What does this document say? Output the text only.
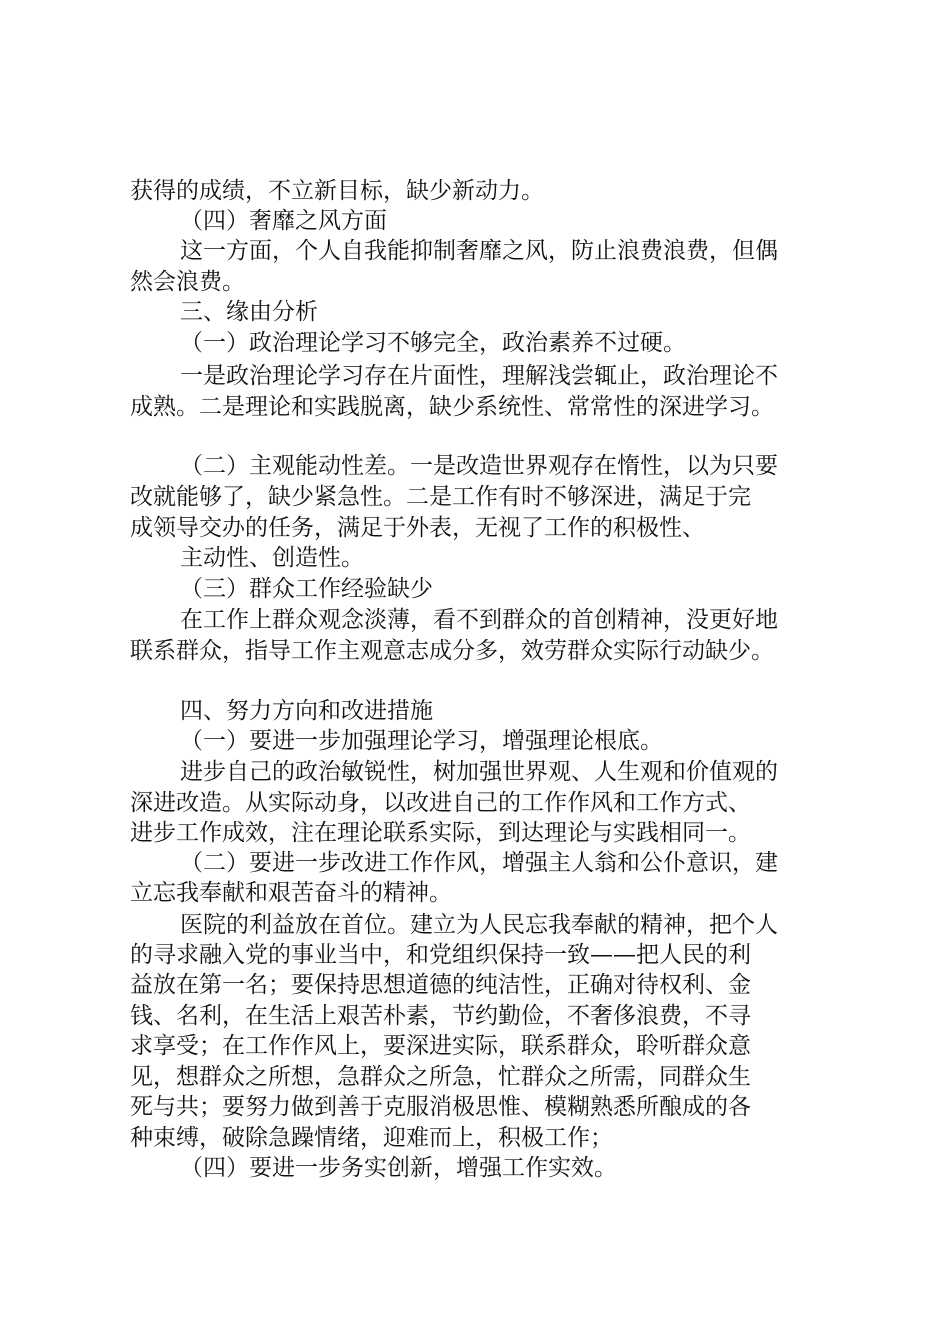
获得的成绩，不立新目标，缺少新动力。

（四）奢靡之风方面

这一方面，个人自我能抑制奢靡之风，防止浪费浪费，但偶

然会浪费。

三、缘由分析

（一）政治理论学习不够完全，政治素养不过硬。

一是政治理论学习存在片面性，理解浅尝辄止，政治理论不

成熟。二是理论和实践脱离，缺少系统性、常常性的深进学习。

（二）主观能动性差。一是改造世界观存在惰性，以为只要

改就能够了，缺少紧急性。二是工作有时不够深进，满足于完

成领导交办的任务，满足于外表，无视了工作的积极性、

主动性、创造性。

（三）群众工作经验缺少

在工作上群众观念淡薄，看不到群众的首创精神，没更好地

联系群众，指导工作主观意志成分多，效劳群众实际行动缺少。

四、努力方向和改进措施

（一）要进一步加强理论学习，增强理论根底。

进步自己的政治敏锐性，树加强世界观、人生观和价值观的

深进改造。从实际动身，以改进自己的工作作风和工作方式、

进步工作成效，注在理论联系实际，到达理论与实践相同一。

（二）要进一步改进工作作风，增强主人翁和公仆意识，建

立忘我奉献和艰苦奋斗的精神。

医院的利益放在首位。建立为人民忘我奉献的精神，把个人

的寻求融入党的事业当中，和党组织保持一致——把人民的利

益放在第一名；要保持思想道德的纯洁性，正确对待权利、金

钱、名利，在生活上艰苦朴素，节约勤俭，不奢侈浪费，不寻

求享受；在工作作风上，要深进实际，联系群众，聆听群众意

见，想群众之所想，急群众之所急，忙群众之所需，同群众生

死与共；要努力做到善于克服消极思惟、模糊熟悉所酿成的各

种束缚，破除急躁情绪，迎难而上，积极工作；

（四）要进一步务实创新，增强工作实效。
